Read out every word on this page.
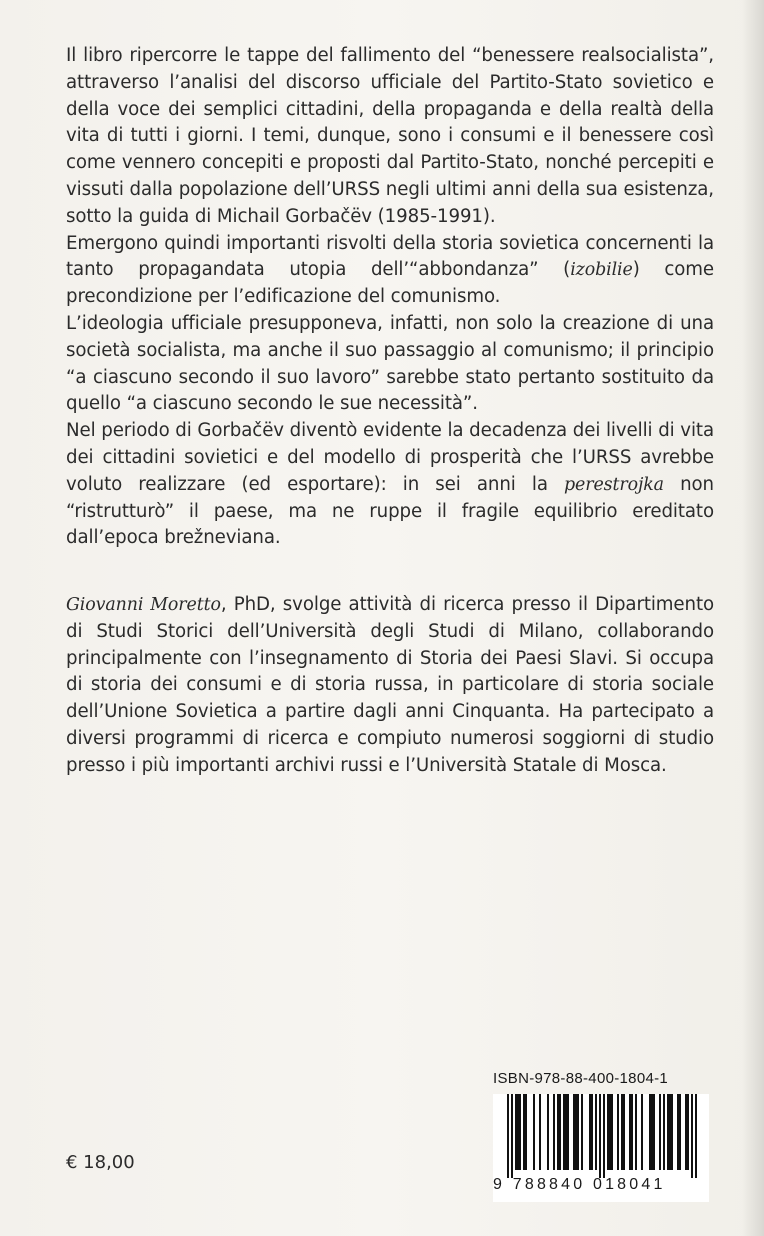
Il libro ripercorre le tappe del fallimento del “benessere realsocialista”, attraverso l’analisi del discorso ufficiale del Partito-Stato sovietico e della voce dei semplici cittadini, della propaganda e della realtà della vita di tutti i giorni. I temi, dunque, sono i consumi e il benessere così come vennero concepiti e proposti dal Partito-Stato, nonché percepiti e vissuti dalla popolazione dell’URSS negli ultimi anni della sua esistenza, sotto la guida di Michail Gorbačëv (1985-1991).

Emergono quindi importanti risvolti della storia sovietica concernenti la tanto propagandata utopia dell’“abbondanza” (izobilie) come precondizione per l’edificazione del comunismo.

L’ideologia ufficiale presupponeva, infatti, non solo la creazione di una società socialista, ma anche il suo passaggio al comunismo; il principio “a ciascuno secondo il suo lavoro” sarebbe stato pertanto sostituito da quello “a ciascuno secondo le sue necessità”.

Nel periodo di Gorbačëv diventò evidente la decadenza dei livelli di vita dei cittadini sovietici e del modello di prosperità che l’URSS avrebbe voluto realizzare (ed esportare): in sei anni la perestrojka non “ristrutturò” il paese, ma ne ruppe il fragile equilibrio ereditato dall’epoca brežneviana.

Giovanni Moretto, PhD, svolge attività di ricerca presso il Dipartimento di Studi Storici dell’Università degli Studi di Milano, collaborando principalmente con l’insegnamento di Storia dei Paesi Slavi. Si occupa di storia dei consumi e di storia russa, in particolare di storia sociale dell’Unione Sovietica a partire dagli anni Cinquanta. Ha partecipato a diversi programmi di ricerca e compiuto numerosi soggiorni di studio presso i più importanti archivi russi e l’Università Statale di Mosca.

€ 18,00
ISBN-978-88-400-1804-1
9 788840 018041
